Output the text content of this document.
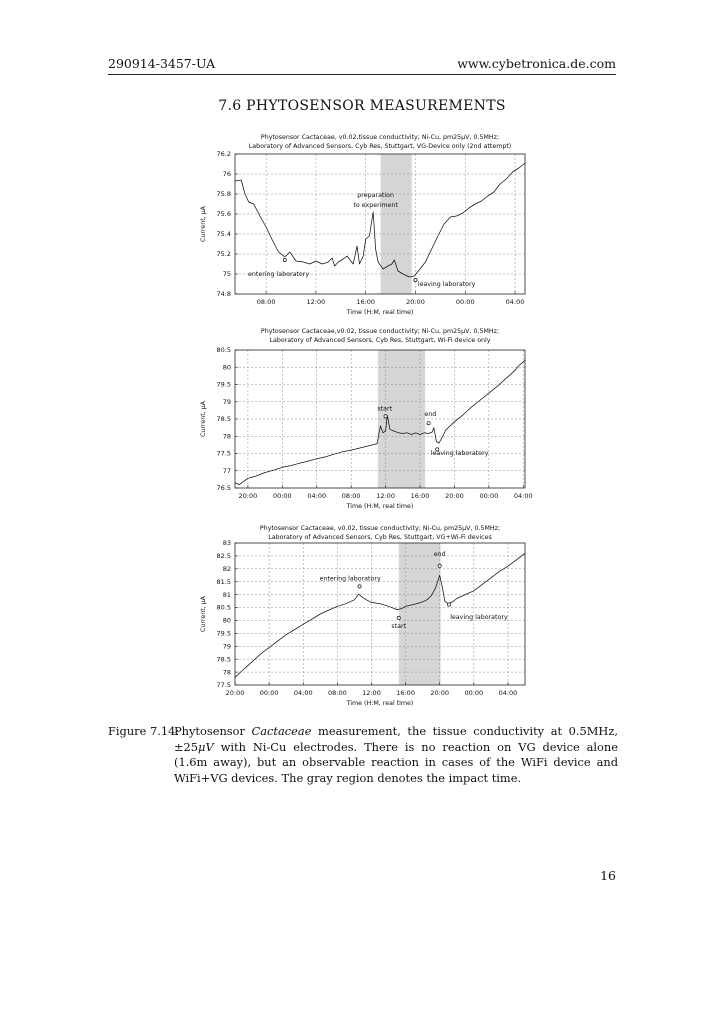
290914-3457-UA	www.cybetronica.de.com
7.6 PHYTOSENSOR MEASUREMENTS
Phytosensor Cactaceae, v0.02,tissue conductivity; Ni-Cu, pm25μV, 0.5MHz;
Laboratory of Advanced Sensors, Cyb Res, Stuttgart, VG-Device only (2nd attempt)
74.8
75
75.2
75.4
75.6
75.8
76
76.2
08:00	12:00	16:00	20:00	00:00	04:00
Time (H:M, real time)
Current, μA
preparation
to experiment
entering laboratory
leaving laboratory
Phytosensor Cactaceae,v0.02, tissue conductivity; Ni-Cu, pm25μV, 0.5MHz;
Laboratory of Advanced Sensors, Cyb Res, Stuttgart, Wi-Fi device only
76.5
77
77.5
78
78.5
79
79.5
80
80.5
20:00 00:00 04:00 08:00 12:00 16:00 20:00 00:00 04:00
Time (H:M, real time)
Current, μA	start
end
leaving laboratory
Phytosensor Cactaceae, v0.02, tissue conductivity; Ni-Cu, pm25μV, 0.5MHz;
Laboratory of Advanced Sensors, Cyb Res, Stuttgart, VG+Wi-Fi devices
77.5
78
78.5
79
79.5
80
80.5
81
81.5
82
82.5
83
20:00 00:00 04:00 08:00 12:00 16:00 20:00 00:00 04:00
Time (H:M, real time)
Current, μA
entering laboratory
start
end
leaving laboratory
Figure 7.14:
Phytosensor Cactaceae measurement, the tissue conductivity at 0.5MHz, ±25μV with Ni-Cu electrodes. There is no reaction on VG device alone (1.6m away), but an observable reaction in cases of the WiFi device and WiFi+VG devices. The gray region denotes the impact time.
16
